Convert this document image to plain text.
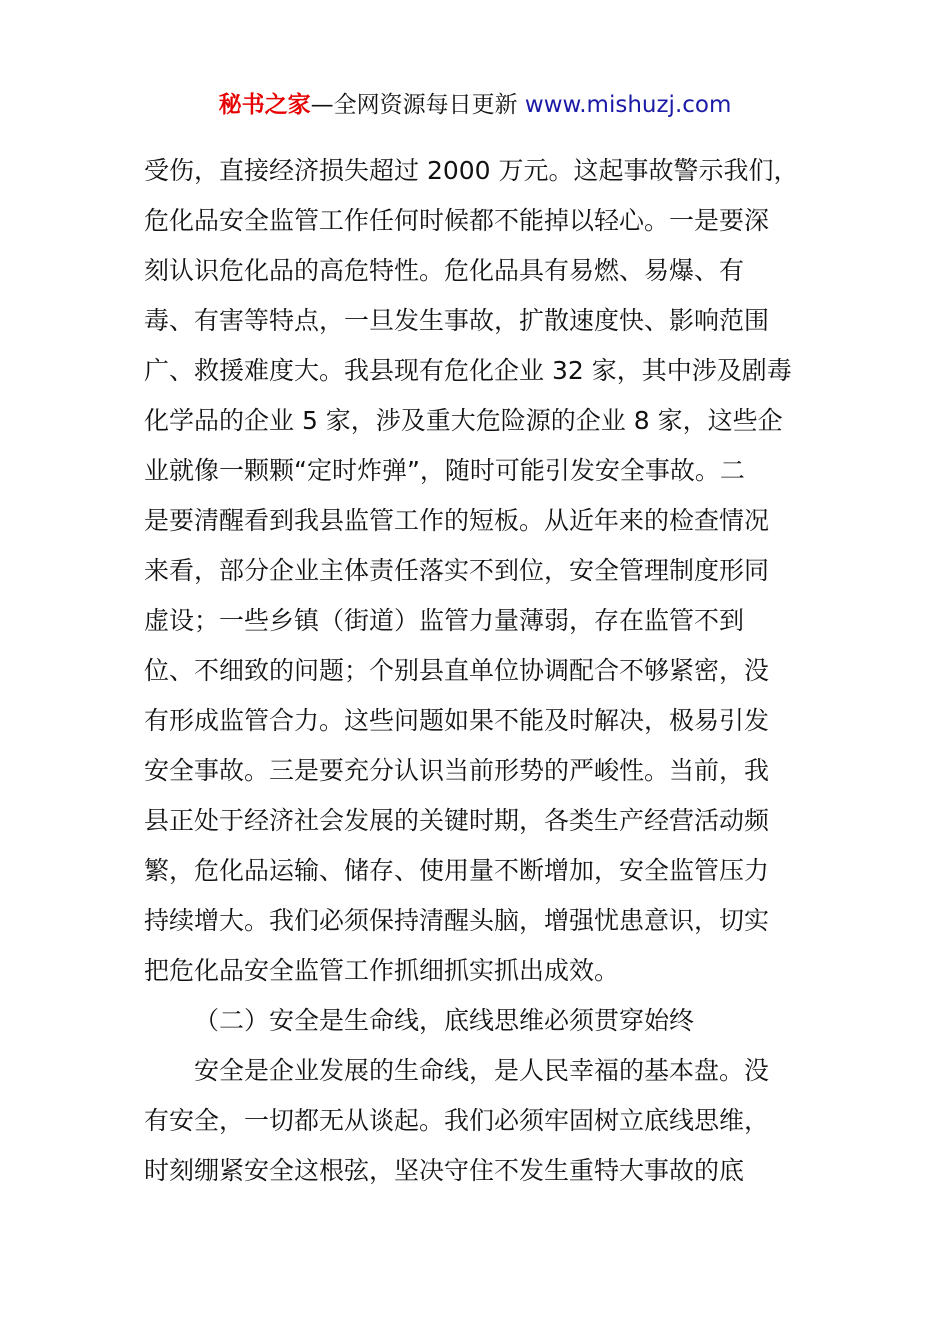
秘书之家—全网资源每日更新 www.mishuzj.com
受伤，直接经济损失超过 2000 万元。这起事故警示我们，
危化品安全监管工作任何时候都不能掉以轻心。一是要深
刻认识危化品的高危特性。危化品具有易燃、易爆、有
毒、有害等特点，一旦发生事故，扩散速度快、影响范围
广、救援难度大。我县现有危化企业 32 家，其中涉及剧毒
化学品的企业 5 家，涉及重大危险源的企业 8 家，这些企
业就像一颗颗“定时炸弹”，随时可能引发安全事故。二
是要清醒看到我县监管工作的短板。从近年来的检查情况
来看，部分企业主体责任落实不到位，安全管理制度形同
虚设；一些乡镇（街道）监管力量薄弱，存在监管不到
位、不细致的问题；个别县直单位协调配合不够紧密，没
有形成监管合力。这些问题如果不能及时解决，极易引发
安全事故。三是要充分认识当前形势的严峻性。当前，我
县正处于经济社会发展的关键时期，各类生产经营活动频
繁，危化品运输、储存、使用量不断增加，安全监管压力
持续增大。我们必须保持清醒头脑，增强忧患意识，切实
把危化品安全监管工作抓细抓实抓出成效。
（二）安全是生命线，底线思维必须贯穿始终
安全是企业发展的生命线，是人民幸福的基本盘。没
有安全，一切都无从谈起。我们必须牢固树立底线思维，
时刻绷紧安全这根弦，坚决守住不发生重特大事故的底
